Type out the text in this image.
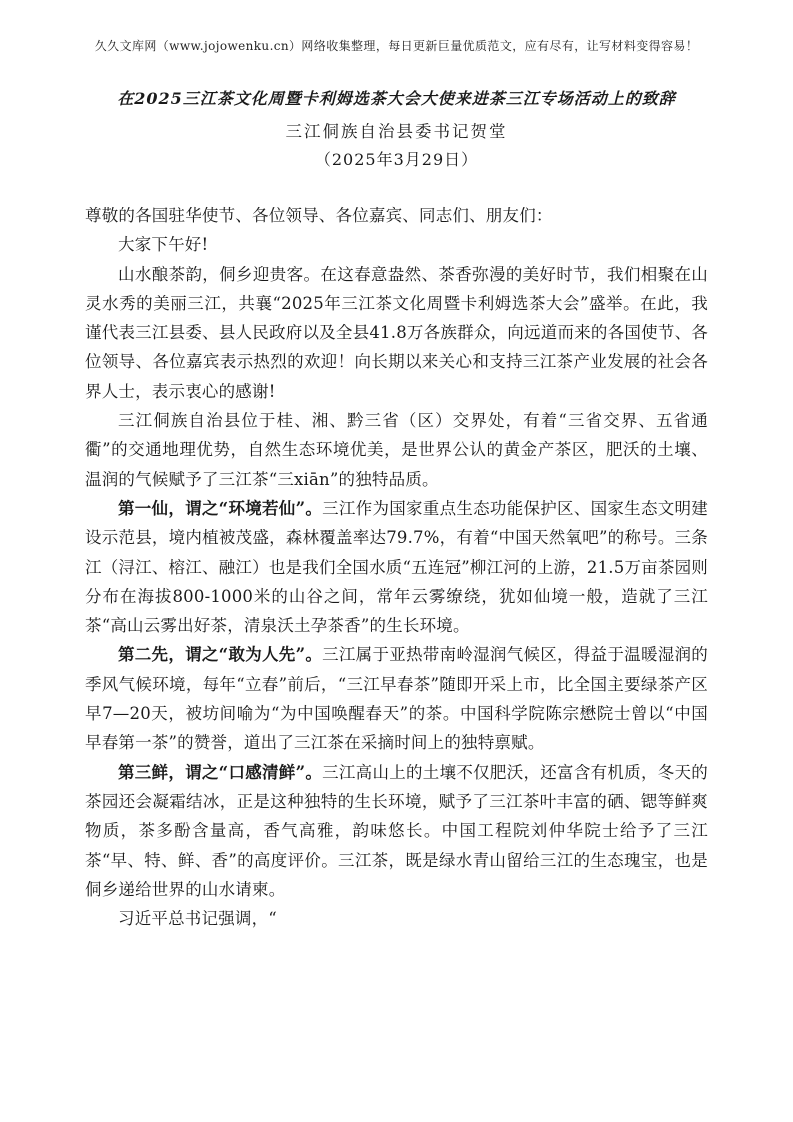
久久文库网（www.jojowenku.cn）网络收集整理，每日更新巨量优质范文，应有尽有，让写材料变得容易！
在2025三江茶文化周暨卡利姆选茶大会大使来进茶三江专场活动上的致辞
三江侗族自治县委书记贺堂
（2025年3月29日）

尊敬的各国驻华使节、各位领导、各位嘉宾、同志们、朋友们：

大家下午好!

山水酿茶韵，侗乡迎贵客。在这春意盎然、茶香弥漫的美好时节，我们相聚在山灵水秀的美丽三江，共襄“2025年三江茶文化周暨卡利姆选茶大会”盛举。在此，我谨代表三江县委、县人民政府以及全县41.8万各族群众，向远道而来的各国使节、各位领导、各位嘉宾表示热烈的欢迎！向长期以来关心和支持三江茶产业发展的社会各界人士，表示衷心的感谢!

三江侗族自治县位于桂、湘、黔三省（区）交界处，有着“三省交界、五省通衢”的交通地理优势，自然生态环境优美，是世界公认的黄金产茶区，肥沃的土壤、温润的气候赋予了三江茶“三xiān”的独特品质。

第一仙，谓之“环境若仙”。三江作为国家重点生态功能保护区、国家生态文明建设示范县，境内植被茂盛，森林覆盖率达79.7%，有着“中国天然氧吧”的称号。三条江（浔江、榕江、融江）也是我们全国水质“五连冠”柳江河的上游，21.5万亩茶园则分布在海拔800-1000米的山谷之间，常年云雾缭绕，犹如仙境一般，造就了三江茶“高山云雾出好茶，清泉沃土孕茶香”的生长环境。

第二先，谓之“敢为人先”。三江属于亚热带南岭湿润气候区，得益于温暖湿润的季风气候环境，每年“立春”前后，“三江早春茶”随即开采上市，比全国主要绿茶产区早7—20天，被坊间喻为“为中国唤醒春天”的茶。中国科学院陈宗懋院士曾以“中国早春第一茶”的赞誉，道出了三江茶在采摘时间上的独特禀赋。

第三鲜，谓之“口感清鲜”。三江高山上的土壤不仅肥沃，还富含有机质，冬天的茶园还会凝霜结冰，正是这种独特的生长环境，赋予了三江茶叶丰富的硒、锶等鲜爽物质，茶多酚含量高，香气高雅，韵味悠长。中国工程院刘仲华院士给予了三江茶“早、特、鲜、香”的高度评价。三江茶，既是绿水青山留给三江的生态瑰宝，也是侗乡递给世界的山水请柬。

习近平总书记强调，“
